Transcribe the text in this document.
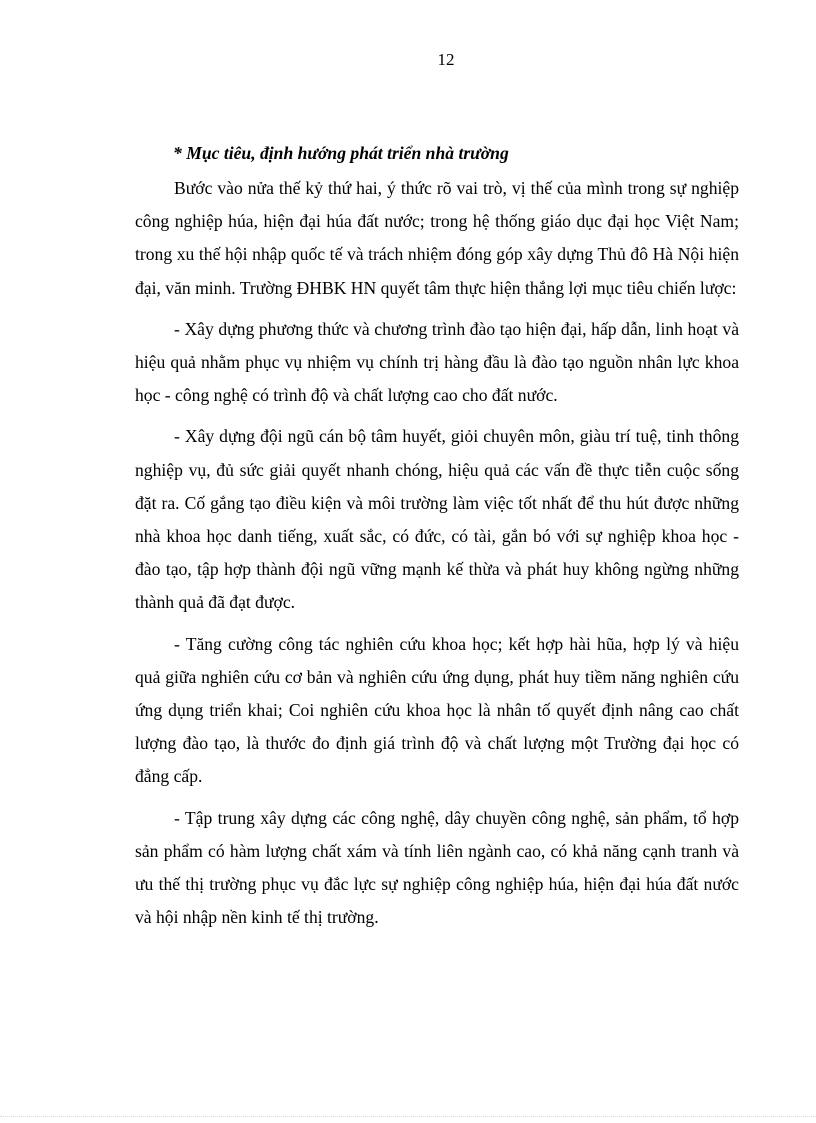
12

* Mục tiêu, định hướng phát triển nhà trường

Bước vào nửa thế kỷ thứ hai, ý thức rõ vai trò, vị thế của mình trong sự nghiệp công nghiệp húa, hiện đại húa đất nước; trong hệ thống giáo dục đại học Việt Nam; trong xu thế hội nhập quốc tế và trách nhiệm đóng góp xây dựng Thủ đô Hà Nội hiện đại, văn minh. Trường ĐHBK HN quyết tâm thực hiện thắng lợi mục tiêu chiến lược:

- Xây dựng phương thức và chương trình đào tạo hiện đại, hấp dẫn, linh hoạt và hiệu quả nhằm phục vụ nhiệm vụ chính trị hàng đầu là đào tạo nguồn nhân lực khoa học - công nghệ có trình độ và chất lượng cao cho đất nước.

- Xây dựng đội ngũ cán bộ tâm huyết, giỏi chuyên môn, giàu trí tuệ, tinh thông nghiệp vụ, đủ sức giải quyết nhanh chóng, hiệu quả các vấn đề thực tiễn cuộc sống đặt ra. Cố gắng tạo điều kiện và môi trường làm việc tốt nhất để thu hút được những nhà khoa học danh tiếng, xuất sắc, có đức, có tài, gắn bó với sự nghiệp khoa học - đào tạo, tập hợp thành đội ngũ vững mạnh kế thừa và phát huy không ngừng những thành quả đã đạt được.

- Tăng cường công tác nghiên cứu khoa học; kết hợp hài hũa, hợp lý và hiệu quả giữa nghiên cứu cơ bản và nghiên cứu ứng dụng, phát huy tiềm năng nghiên cứu ứng dụng triển khai; Coi nghiên cứu khoa học là nhân tố quyết định nâng cao chất lượng đào tạo, là thước đo định giá trình độ và chất lượng một Trường đại học có đẳng cấp.

- Tập trung xây dựng các công nghệ, dây chuyền công nghệ, sản phẩm, tổ hợp sản phẩm có hàm lượng chất xám và tính liên ngành cao, có khả năng cạnh tranh và ưu thế thị trường phục vụ đắc lực sự nghiệp công nghiệp húa, hiện đại húa đất nước và hội nhập nền kinh tế thị trường.
